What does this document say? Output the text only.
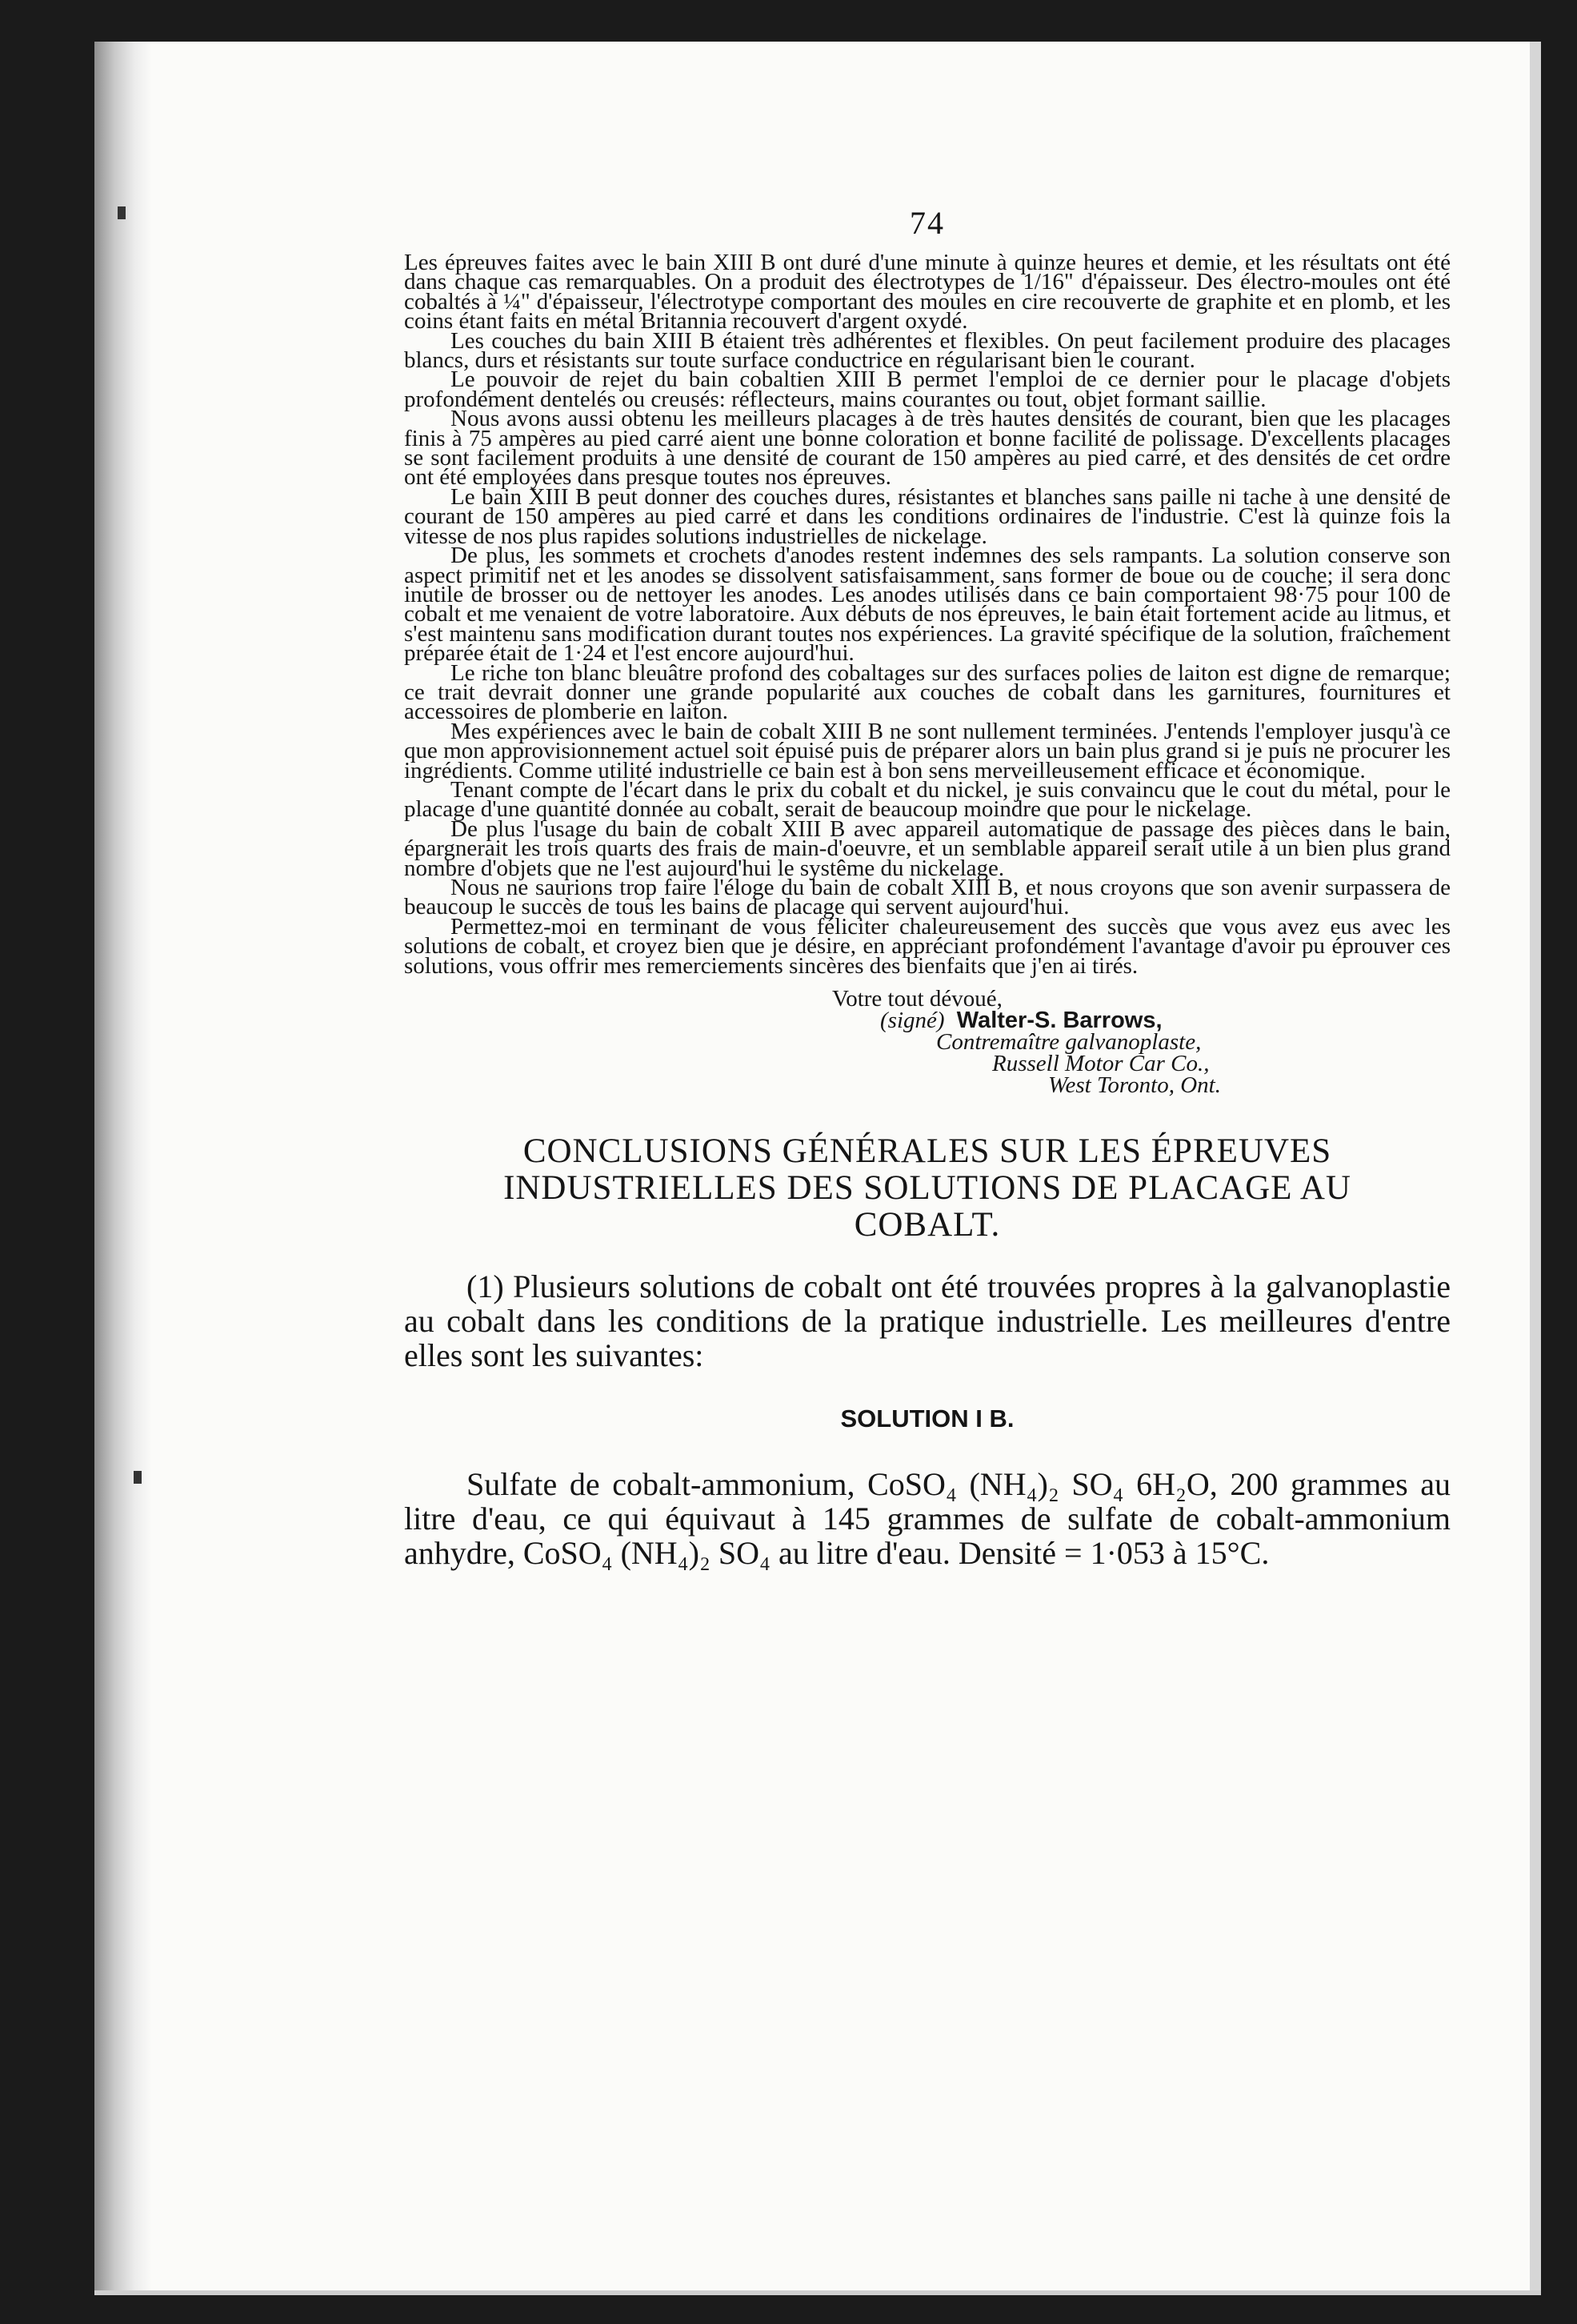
74

Les épreuves faites avec le bain XIII B ont duré d'une minute à quinze heures et demie, et les résultats ont été dans chaque cas remarquables. On a produit des électrotypes de 1/16" d'épaisseur. Des électro-moules ont été cobaltés à ¼" d'épaisseur, l'électrotype comportant des moules en cire recouverte de graphite et en plomb, et les coins étant faits en métal Britannia recouvert d'argent oxydé.

Les couches du bain XIII B étaient très adhérentes et flexibles. On peut facilement produire des placages blancs, durs et résistants sur toute surface conductrice en régularisant bien le courant.

Le pouvoir de rejet du bain cobaltien XIII B permet l'emploi de ce dernier pour le placage d'objets profondément dentelés ou creusés: réflecteurs, mains courantes ou tout, objet formant saillie.

Nous avons aussi obtenu les meilleurs placages à de très hautes densités de courant, bien que les placages finis à 75 ampères au pied carré aient une bonne coloration et bonne facilité de polissage. D'excellents placages se sont facilement produits à une densité de courant de 150 ampères au pied carré, et des densités de cet ordre ont été employées dans presque toutes nos épreuves.

Le bain XIII B peut donner des couches dures, résistantes et blanches sans paille ni tache à une densité de courant de 150 ampères au pied carré et dans les conditions ordinaires de l'industrie. C'est là quinze fois la vitesse de nos plus rapides solutions industrielles de nickelage.

De plus, les sommets et crochets d'anodes restent indemnes des sels rampants. La solution conserve son aspect primitif net et les anodes se dissolvent satisfaisamment, sans former de boue ou de couche; il sera donc inutile de brosser ou de nettoyer les anodes. Les anodes utilisés dans ce bain comportaient 98·75 pour 100 de cobalt et me venaient de votre laboratoire. Aux débuts de nos épreuves, le bain était fortement acide au litmus, et s'est maintenu sans modification durant toutes nos expériences. La gravité spécifique de la solution, fraîchement préparée était de 1·24 et l'est encore aujourd'hui.

Le riche ton blanc bleuâtre profond des cobaltages sur des surfaces polies de laiton est digne de remarque; ce trait devrait donner une grande popularité aux couches de cobalt dans les garnitures, fournitures et accessoires de plomberie en laiton.

Mes expériences avec le bain de cobalt XIII B ne sont nullement terminées. J'entends l'employer jusqu'à ce que mon approvisionnement actuel soit épuisé puis de préparer alors un bain plus grand si je puis ne procurer les ingrédients. Comme utilité industrielle ce bain est à bon sens merveilleusement efficace et économique.

Tenant compte de l'écart dans le prix du cobalt et du nickel, je suis convaincu que le cout du métal, pour le placage d'une quantité donnée au cobalt, serait de beaucoup moindre que pour le nickelage.

De plus l'usage du bain de cobalt XIII B avec appareil automatique de passage des pièces dans le bain, épargnerait les trois quarts des frais de main-d'oeuvre, et un semblable appareil serait utile à un bien plus grand nombre d'objets que ne l'est aujourd'hui le systême du nickelage.

Nous ne saurions trop faire l'éloge du bain de cobalt XIII B, et nous croyons que son avenir surpassera de beaucoup le succès de tous les bains de placage qui servent aujourd'hui.

Permettez-moi en terminant de vous féliciter chaleureusement des succès que vous avez eus avec les solutions de cobalt, et croyez bien que je désire, en appréciant profondément l'avantage d'avoir pu éprouver ces solutions, vous offrir mes remerciements sincères des bienfaits que j'en ai tirés.

Votre tout dévoué,
(signé) Walter-S. Barrows,
Contremaître galvanoplaste,
Russell Motor Car Co.,
West Toronto, Ont.
CONCLUSIONS GÉNÉRALES SUR LES ÉPREUVES INDUSTRIELLES DES SOLUTIONS DE PLACAGE AU COBALT.

(1) Plusieurs solutions de cobalt ont été trouvées propres à la galvanoplastie au cobalt dans les conditions de la pratique industrielle. Les meilleures d'entre elles sont les suivantes:

SOLUTION I B.

Sulfate de cobalt-ammonium, CoSO₄ (NH₄)₂ SO₄ 6H₂O, 200 grammes au litre d'eau, ce qui équivaut à 145 grammes de sulfate de cobalt-ammonium anhydre, CoSO₄ (NH₄)₂ SO₄ au litre d'eau. Densité = 1·053 à 15°C.
